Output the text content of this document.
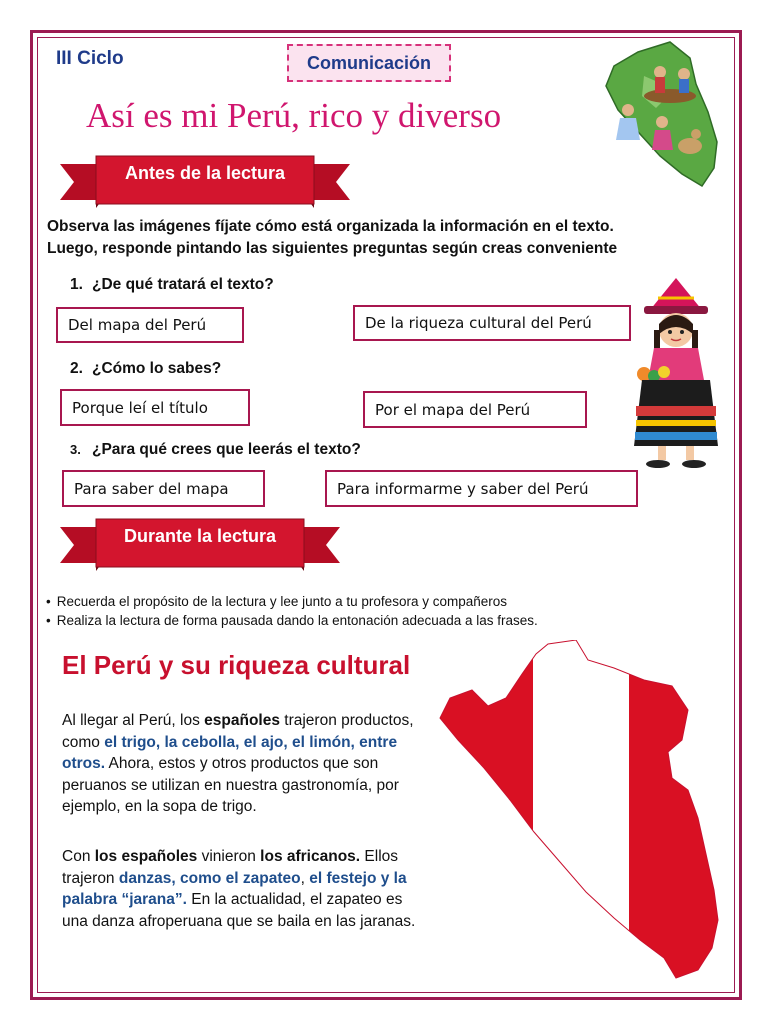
III Ciclo	Comunicación
Así es mi Perú, rico y diverso
Antes de la lectura
Observa las imágenes fíjate cómo está organizada la información en el texto.
Luego, responde pintando las siguientes preguntas según creas conveniente
1. ¿De qué tratará el texto?
Del mapa del Perú	De la riqueza cultural del Perú
2. ¿Cómo lo sabes?
Porque leí el título	Por el mapa del Perú
3. ¿Para qué crees que leerás el texto?
Para saber del mapa	Para informarme y saber del Perú
Durante la lectura
• Recuerda el propósito de la lectura y lee junto a tu profesora y compañeros
• Realiza la lectura de forma pausada dando la entonación adecuada a las frases.
El Perú y su riqueza cultural
Al llegar al Perú, los españoles trajeron productos, como el trigo, la cebolla, el ajo, el limón, entre otros. Ahora, estos y otros productos que son peruanos se utilizan en nuestra gastronomía, por ejemplo, en la sopa de trigo.
Con los españoles vinieron los africanos. Ellos trajeron danzas, como el zapateo, el festejo y la palabra “jarana”. En la actualidad, el zapateo es una danza afroperuana que se baila en las jaranas.
